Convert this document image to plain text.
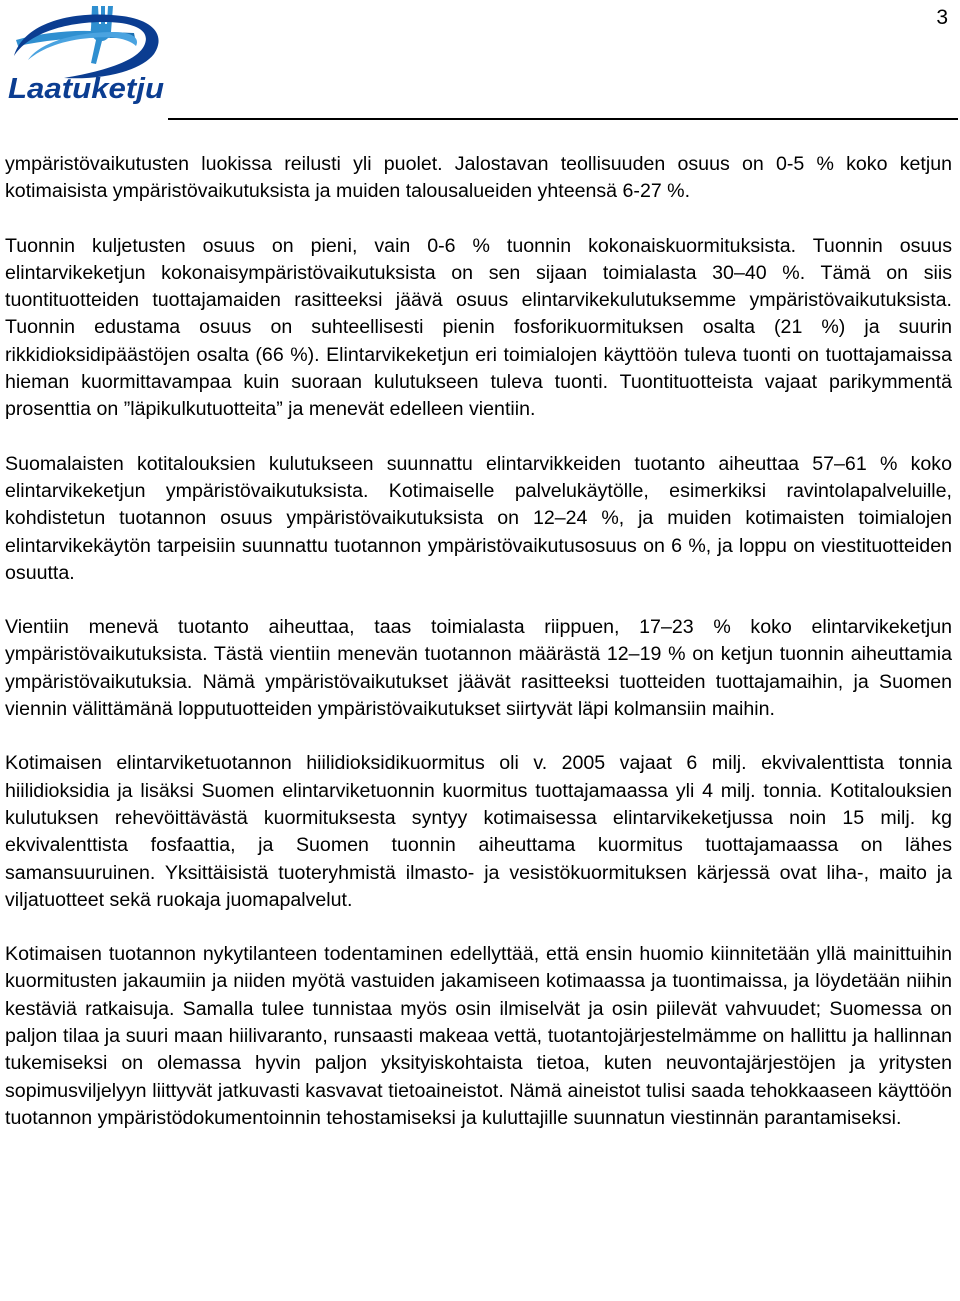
Laatuketju
3

ympäristövaikutusten luokissa reilusti yli puolet. Jalostavan teollisuuden osuus on 0-5 % koko ketjun kotimaisista ympäristövaikutuksista ja muiden talousalueiden yhteensä 6-27 %.

Tuonnin kuljetusten osuus on pieni, vain 0-6 % tuonnin kokonaiskuormituksista. Tuonnin osuus elintarvikeketjun kokonaisympäristövaikutuksista on sen sijaan toimialasta 30–40 %. Tämä on siis tuontituotteiden tuottajamaiden rasitteeksi jäävä osuus elintarvikekulutuksemme ympäristövaikutuksista. Tuonnin edustama osuus on suhteellisesti pienin fosforikuormituksen osalta (21 %) ja suurin rikkidioksidipäästöjen osalta (66 %). Elintarvikeketjun eri toimialojen käyttöön tuleva tuonti on tuottajamaissa hieman kuormittavampaa kuin suoraan kulutukseen tuleva tuonti. Tuontituotteista vajaat parikymmentä prosenttia on ”läpikulkutuotteita” ja menevät edelleen vientiin.

Suomalaisten kotitalouksien kulutukseen suunnattu elintarvikkeiden tuotanto aiheuttaa 57–61 % koko elintarvikeketjun ympäristövaikutuksista. Kotimaiselle palvelukäytölle, esimerkiksi ravintolapalveluille, kohdistetun tuotannon osuus ympäristövaikutuksista on 12–24 %, ja muiden kotimaisten toimialojen elintarvikekäytön tarpeisiin suunnattu tuotannon ympäristövaikutusosuus on 6 %, ja loppu on viestituotteiden osuutta.

Vientiin menevä tuotanto aiheuttaa, taas toimialasta riippuen, 17–23 % koko elintarvikeketjun ympäristövaikutuksista. Tästä vientiin menevän tuotannon määrästä 12–19 % on ketjun tuonnin aiheuttamia ympäristövaikutuksia. Nämä ympäristövaikutukset jäävät rasitteeksi tuotteiden tuottajamaihin, ja Suomen viennin välittämänä lopputuotteiden ympäristövaikutukset siirtyvät läpi kolmansiin maihin.

Kotimaisen elintarviketuotannon hiilidioksidikuormitus oli v. 2005 vajaat 6 milj. ekvivalenttista tonnia hiilidioksidia ja lisäksi Suomen elintarviketuonnin kuormitus tuottajamaassa yli 4 milj. tonnia. Kotitalouksien kulutuksen rehevöittävästä kuormituksesta syntyy kotimaisessa elintarvikeketjussa noin 15 milj. kg ekvivalenttista fosfaattia, ja Suomen tuonnin aiheuttama kuormitus tuottajamaassa on lähes samansuuruinen. Yksittäisistä tuoteryhmistä ilmasto- ja vesistökuormituksen kärjessä ovat liha-, maito ja viljatuotteet sekä ruokaja juomapalvelut.

Kotimaisen tuotannon nykytilanteen todentaminen edellyttää, että ensin huomio kiinnitetään yllä mainittuihin kuormitusten jakaumiin ja niiden myötä vastuiden jakamiseen kotimaassa ja tuontimaissa, ja löydetään niihin kestäviä ratkaisuja. Samalla tulee tunnistaa myös osin ilmiselvät ja osin piilevät vahvuudet; Suomessa on paljon tilaa ja suuri maan hiilivaranto, runsaasti makeaa vettä, tuotantojärjestelmämme on hallittu ja hallinnan tukemiseksi on olemassa hyvin paljon yksityiskohtaista tietoa, kuten neuvontajärjestöjen ja yritysten sopimusviljelyyn liittyvät jatkuvasti kasvavat tietoaineistot. Nämä aineistot tulisi saada tehokkaaseen käyttöön tuotannon ympäristödokumentoinnin tehostamiseksi ja kuluttajille suunnatun viestinnän parantamiseksi.
